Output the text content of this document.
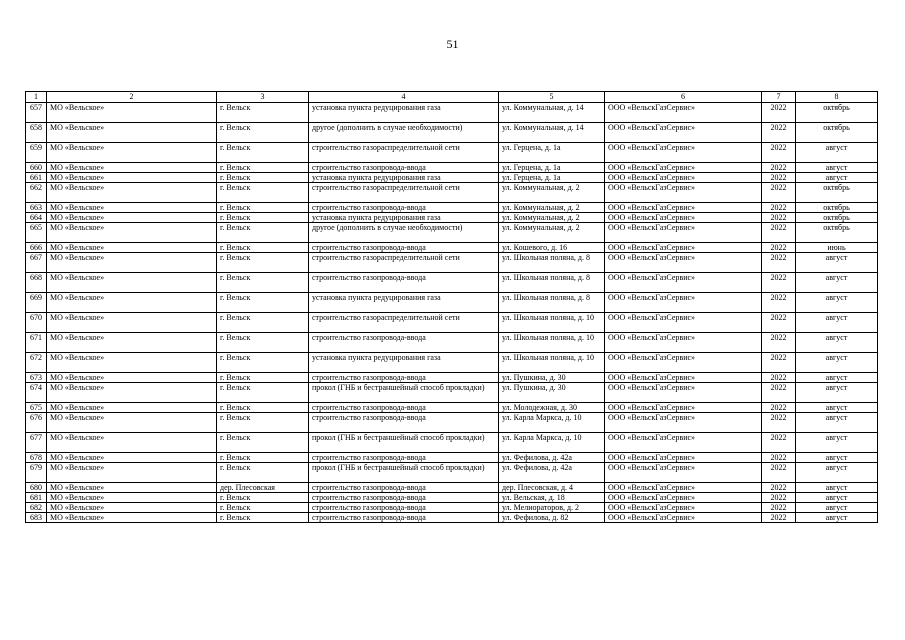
51
1	2	3	4	5	6	7	8
657	МО «Вельское»	г. Вельск	установка пункта редуцирования газа	ул. Коммунальная, д. 14	ООО «ВельскГазСервис»	2022	октябрь
658	МО «Вельское»	г. Вельск	другое (дополнить в случае необходимости)	ул. Коммунальная, д. 14	ООО «ВельскГазСервис»	2022	октябрь
659	МО «Вельское»	г. Вельск	строительство газораспределительной сети	ул. Герцена, д. 1а	ООО «ВельскГазСервис»	2022	август
660	МО «Вельское»	г. Вельск	строительство газопровода-ввода	ул. Герцена, д. 1а	ООО «ВельскГазСервис»	2022	август
661	МО «Вельское»	г. Вельск	установка пункта редуцирования газа	ул. Герцена, д. 1а	ООО «ВельскГазСервис»	2022	август
662	МО «Вельское»	г. Вельск	строительство газораспределительной сети	ул. Коммунальная, д. 2	ООО «ВельскГазСервис»	2022	октябрь
663	МО «Вельское»	г. Вельск	строительство газопровода-ввода	ул. Коммунальная, д. 2	ООО «ВельскГазСервис»	2022	октябрь
664	МО «Вельское»	г. Вельск	установка пункта редуцирования газа	ул. Коммунальная, д. 2	ООО «ВельскГазСервис»	2022	октябрь
665	МО «Вельское»	г. Вельск	другое (дополнить в случае необходимости)	ул. Коммунальная, д. 2	ООО «ВельскГазСервис»	2022	октябрь
666	МО «Вельское»	г. Вельск	строительство газопровода-ввода	ул. Кошевого, д. 16	ООО «ВельскГазСервис»	2022	июнь
667	МО «Вельское»	г. Вельск	строительство газораспределительной сети	ул. Школьная поляна, д. 8	ООО «ВельскГазСервис»	2022	август
668	МО «Вельское»	г. Вельск	строительство газопровода-ввода	ул. Школьная поляна, д. 8	ООО «ВельскГазСервис»	2022	август
669	МО «Вельское»	г. Вельск	установка пункта редуцирования газа	ул. Школьная поляна, д. 8	ООО «ВельскГазСервис»	2022	август
670	МО «Вельское»	г. Вельск	строительство газораспределительной сети	ул. Школьная поляна, д. 10	ООО «ВельскГазСервис»	2022	август
671	МО «Вельское»	г. Вельск	строительство газопровода-ввода	ул. Школьная поляна, д. 10	ООО «ВельскГазСервис»	2022	август
672	МО «Вельское»	г. Вельск	установка пункта редуцирования газа	ул. Школьная поляна, д. 10	ООО «ВельскГазСервис»	2022	август
673	МО «Вельское»	г. Вельск	строительство газопровода-ввода	ул. Пушкина, д. 30	ООО «ВельскГазСервис»	2022	август
674	МО «Вельское»	г. Вельск	прокол (ГНБ и бестраншейный способ прокладки)	ул. Пушкина, д. 30	ООО «ВельскГазСервис»	2022	август
675	МО «Вельское»	г. Вельск	строительство газопровода-ввода	ул. Молодежная, д. 30	ООО «ВельскГазСервис»	2022	август
676	МО «Вельское»	г. Вельск	строительство газопровода-ввода	ул. Карла Маркса, д. 10	ООО «ВельскГазСервис»	2022	август
677	МО «Вельское»	г. Вельск	прокол (ГНБ и бестраншейный способ прокладки)	ул. Карла Маркса, д. 10	ООО «ВельскГазСервис»	2022	август
678	МО «Вельское»	г. Вельск	строительство газопровода-ввода	ул. Фефилова, д. 42а	ООО «ВельскГазСервис»	2022	август
679	МО «Вельское»	г. Вельск	прокол (ГНБ и бестраншейный способ прокладки)	ул. Фефилова, д. 42а	ООО «ВельскГазСервис»	2022	август
680	МО «Вельское»	дер. Плесовская	строительство газопровода-ввода	дер. Плесовская, д. 4	ООО «ВельскГазСервис»	2022	август
681	МО «Вельское»	г. Вельск	строительство газопровода-ввода	ул. Вельская, д. 18	ООО «ВельскГазСервис»	2022	август
682	МО «Вельское»	г. Вельск	строительство газопровода-ввода	ул. Мелиораторов, д. 2	ООО «ВельскГазСервис»	2022	август
683	МО «Вельское»	г. Вельск	строительство газопровода-ввода	ул. Фефилова, д. 82	ООО «ВельскГазСервис»	2022	август
